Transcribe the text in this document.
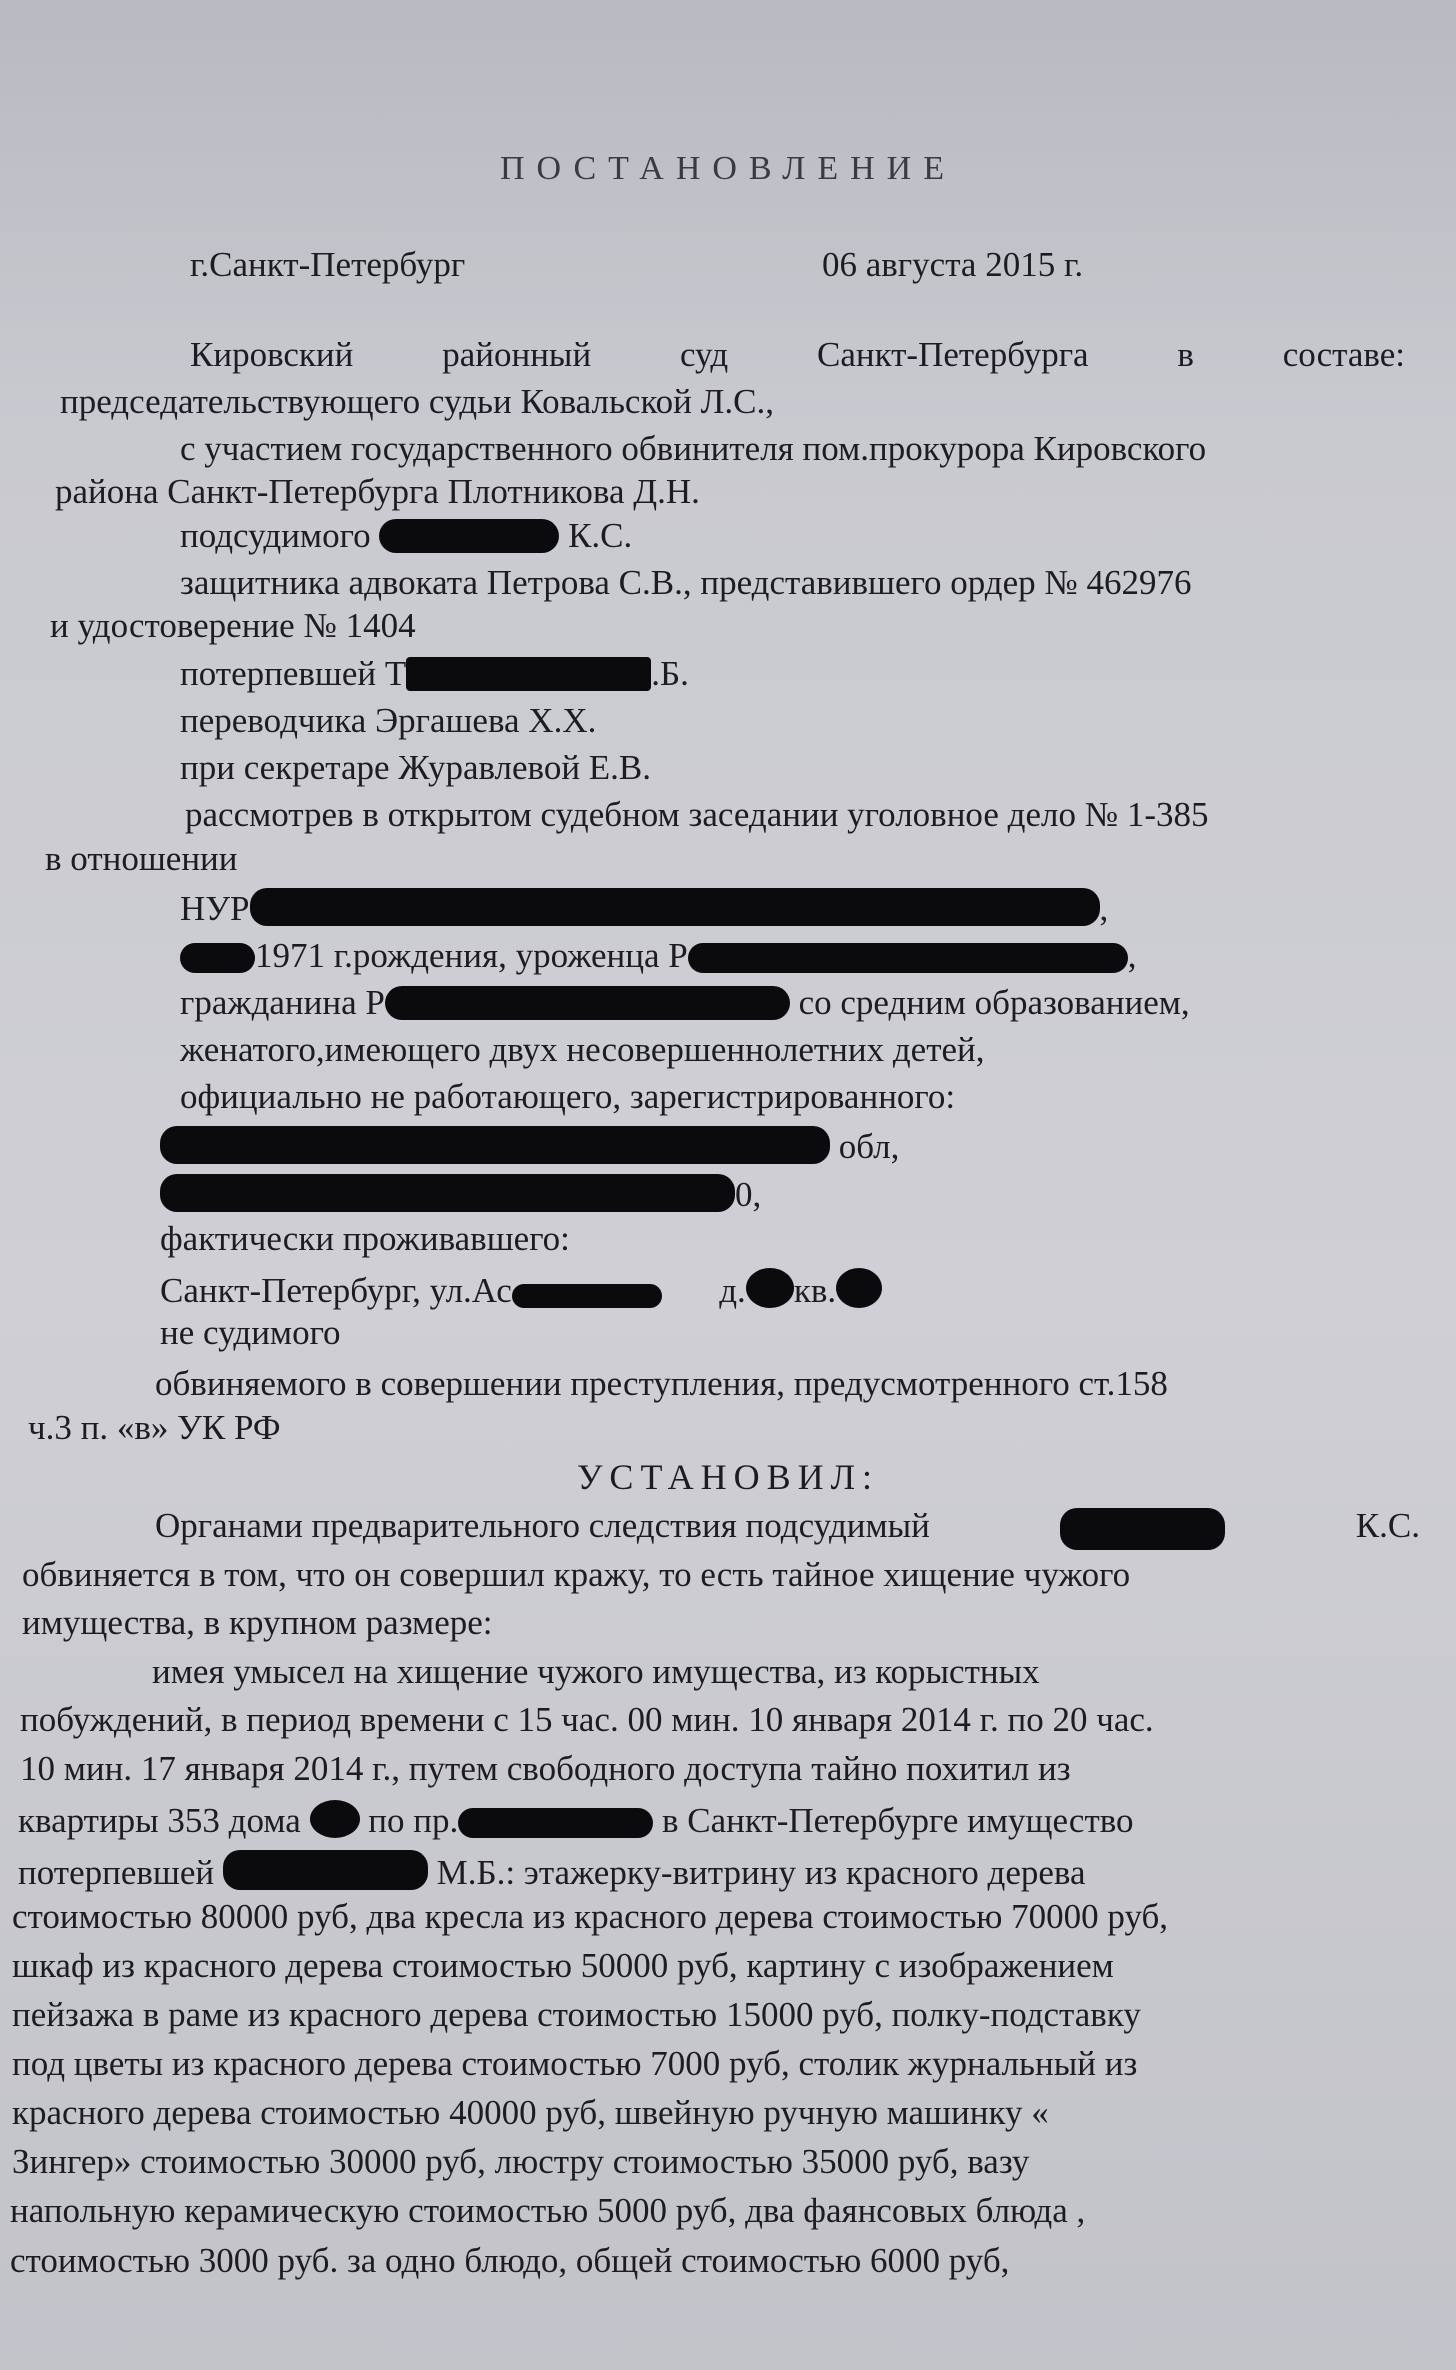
ПОСТАНОВЛЕНИЕ
г.Санкт-Петербург	06 августа 2015 г.
Кировский	районный	суд	Санкт-Петербурга	в	составе:
председательствующего судьи Ковальской Л.С.,
с участием государственного обвинителя пом.прокурора Кировского
района Санкт-Петербурга Плотникова Д.Н.
подсудимого	К.С.
защитника адвоката Петрова С.В., представившего ордер № 462976
и удостоверение № 1404
потерпевшей Т	.Б.
переводчика Эргашева Х.Х.
при секретаре Журавлевой Е.В.
рассмотрев в открытом судебном заседании уголовное дело № 1-385
в отношении
НУР	,
1971 г.рождения, уроженца Р	,
гражданина Р	со средним образованием,
женатого,имеющего двух несовершеннолетних детей,
официально не работающего, зарегистрированного:
обл,
0,
фактически проживавшего:
Санкт-Петербург, ул.Ас	д. кв.
не судимого
обвиняемого в совершении преступления, предусмотренного ст.158
ч.3 п. «в» УК РФ
УСТАНОВИЛ:
Органами предварительного следствия подсудимый	К.С.
обвиняется в том, что он совершил кражу, то есть тайное хищение чужого
имущества, в крупном размере:
имея умысел на хищение чужого имущества, из корыстных
побуждений, в период времени с 15 час. 00 мин. 10 января 2014 г. по 20 час.
10 мин. 17 января 2014 г., путем свободного доступа тайно похитил из
квартиры 353 дома по пр.	в Санкт-Петербурге имущество
потерпевшей	М.Б.: этажерку-витрину из красного дерева
стоимостью 80000 руб, два кресла из красного дерева стоимостью 70000 руб,
шкаф из красного дерева стоимостью 50000 руб, картину с изображением
пейзажа в раме из красного дерева стоимостью 15000 руб, полку-подставку
под цветы из красного дерева стоимостью 7000 руб, столик журнальный из
красного дерева стоимостью 40000 руб, швейную ручную машинку «
Зингер» стоимостью 30000 руб, люстру стоимостью 35000 руб, вазу
напольную керамическую стоимостью 5000 руб, два фаянсовых блюда ,
стоимостью 3000 руб. за одно блюдо, общей стоимостью 6000 руб,
